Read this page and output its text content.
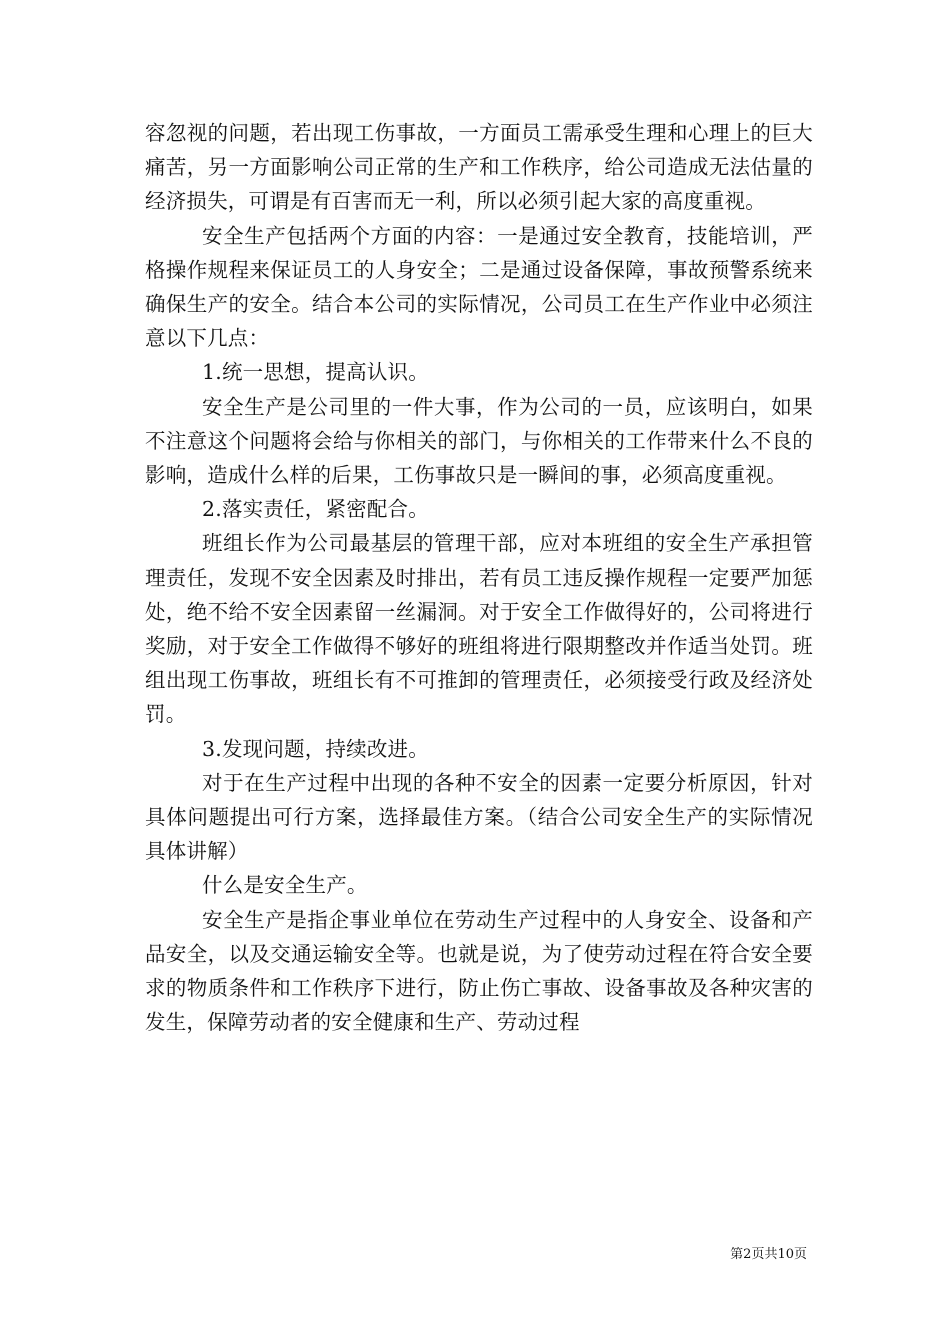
容忽视的问题，若出现工伤事故，一方面员工需承受生理和心理上的巨大痛苦，另一方面影响公司正常的生产和工作秩序，给公司造成无法估量的经济损失，可谓是有百害而无一利，所以必须引起大家的高度重视。

安全生产包括两个方面的内容：一是通过安全教育，技能培训，严格操作规程来保证员工的人身安全；二是通过设备保障，事故预警系统来确保生产的安全。结合本公司的实际情况，公司员工在生产作业中必须注意以下几点：

1.统一思想，提高认识。

安全生产是公司里的一件大事，作为公司的一员，应该明白，如果不注意这个问题将会给与你相关的部门，与你相关的工作带来什么不良的影响，造成什么样的后果，工伤事故只是一瞬间的事，必须高度重视。

2.落实责任，紧密配合。

班组长作为公司最基层的管理干部，应对本班组的安全生产承担管理责任，发现不安全因素及时排出，若有员工违反操作规程一定要严加惩处，绝不给不安全因素留一丝漏洞。对于安全工作做得好的，公司将进行奖励，对于安全工作做得不够好的班组将进行限期整改并作适当处罚。班组出现工伤事故，班组长有不可推卸的管理责任，必须接受行政及经济处罚。

3.发现问题，持续改进。

对于在生产过程中出现的各种不安全的因素一定要分析原因，针对具体问题提出可行方案，选择最佳方案。（结合公司安全生产的实际情况具体讲解）

什么是安全生产。

安全生产是指企事业单位在劳动生产过程中的人身安全、设备和产品安全，以及交通运输安全等。也就是说，为了使劳动过程在符合安全要求的物质条件和工作秩序下进行，防止伤亡事故、设备事故及各种灾害的发生，保障劳动者的安全健康和生产、劳动过程

第2页共10页
